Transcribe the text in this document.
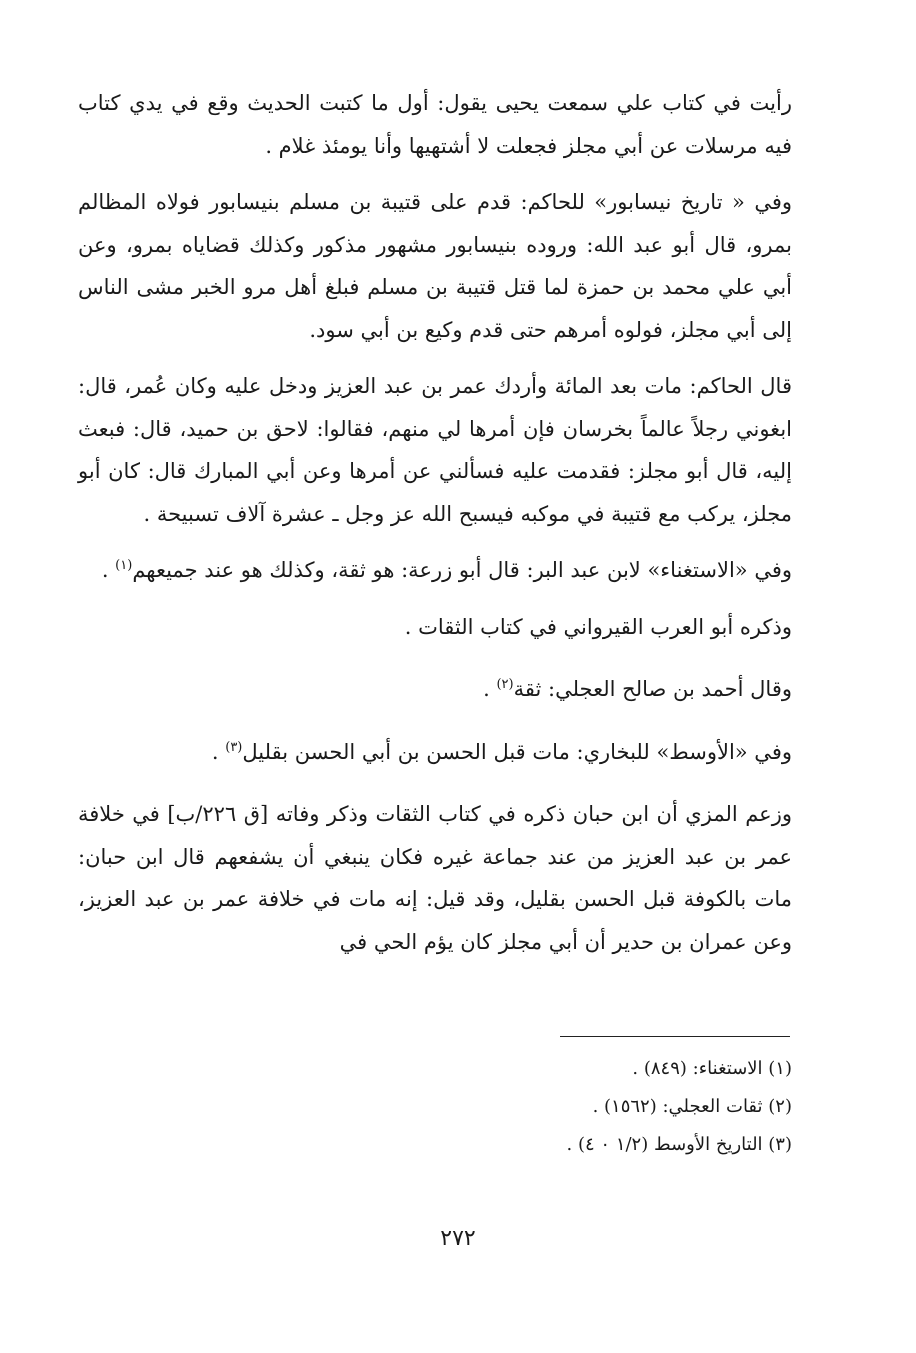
رأيت في كتاب علي سمعت يحيى يقول: أول ما كتبت الحديث وقع في يدي كتاب فيه مرسلات عن أبي مجلز فجعلت لا أشتهيها وأنا يومئذ غلام .

وفي « تاريخ نيسابور» للحاكم: قدم على قتيبة بن مسلم بنيسابور فولاه المظالم بمرو، قال أبو عبد الله: وروده بنيسابور مشهور مذكور وكذلك قضاياه بمرو، وعن أبي علي محمد بن حمزة لما قتل قتيبة بن مسلم فبلغ أهل مرو الخبر مشى الناس إلى أبي مجلز، فولوه أمرهم حتى قدم وكيع بن أبي سود.

قال الحاكم: مات بعد المائة وأردك عمر بن عبد العزيز ودخل عليه وكان عُمر، قال: ابغوني رجلاً عالماً بخرسان فإن أمرها لي منهم، فقالوا: لاحق بن حميد، قال: فبعث إليه، قال أبو مجلز: فقدمت عليه فسألني عن أمرها وعن أبي المبارك قال: كان أبو مجلز، يركب مع قتيبة في موكبه فيسبح الله عز وجل ـ عشرة آلاف تسبيحة .

وفي «الاستغناء» لابن عبد البر: قال أبو زرعة: هو ثقة، وكذلك هو عند جميعهم$^{(١)}$ .

وذكره أبو العرب القيرواني في كتاب الثقات .

وقال أحمد بن صالح العجلي: ثقة$^{(٢)}$ .

وفي «الأوسط» للبخاري: مات قبل الحسن بن أبي الحسن بقليل$^{(٣)}$ .

وزعم المزي أن ابن حبان ذكره في كتاب الثقات وذكر وفاته [ق ٢٢٦/ب] في خلافة عمر بن عبد العزيز من عند جماعة غيره فكان ينبغي أن يشفعهم قال ابن حبان: مات بالكوفة قبل الحسن بقليل، وقد قيل: إنه مات في خلافة عمر بن عبد العزيز، وعن عمران بن حدير أن أبي مجلز كان يؤم الحي في

(١) الاستغناء: (٨٤٩) .

(٢) ثقات العجلي: (١٥٦٢) .

(٣) التاريخ الأوسط (١/٢ ٠ ٤) .

٢٧٢
